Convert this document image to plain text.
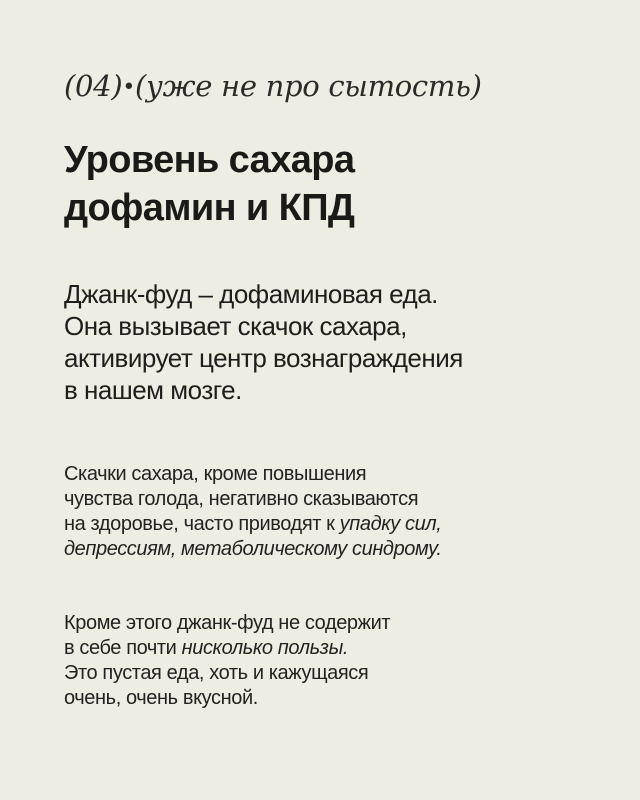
(04)•(уже не про сытость)
Уровень сахара
дофамин и КПД

Джанк-фуд – дофаминовая еда.
Она вызывает скачок сахара,
активирует центр вознаграждения
в нашем мозге.

Скачки сахара, кроме повышения
чувства голода, негативно сказываются
на здоровье, часто приводят к упадку сил,
депрессиям, метаболическому синдрому.

Кроме этого джанк-фуд не содержит
в себе почти нисколько пользы.
Это пустая еда, хоть и кажущаяся
очень, очень вкусной.
